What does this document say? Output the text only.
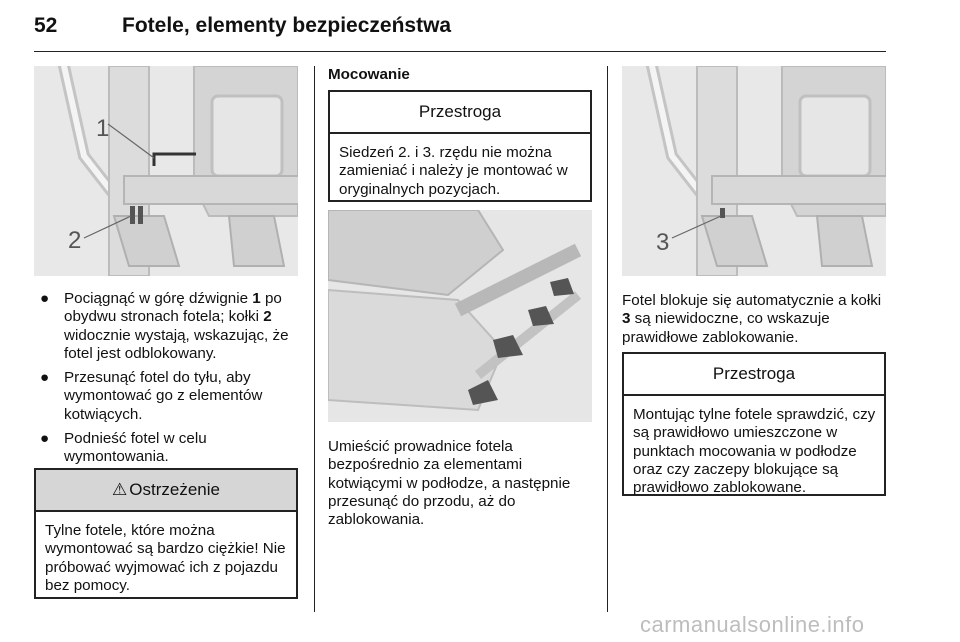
52	Fotele, elementy bezpieczeństwa
1
2
● Pociągnąć w górę dźwignie 1 po obydwu stronach fotela; kołki 2 widocznie wystają, wskazując, że fotel jest odblokowany.
● Przesunąć fotel do tyłu, aby wymontować go z elementów kotwiących.
● Podnieść fotel w celu wymontowania.
⚠ Ostrzeżenie
Tylne fotele, które można wymontować są bardzo ciężkie! Nie próbować wyjmować ich z pojazdu bez pomocy.
Mocowanie
Przestroga
Siedzeń 2. i 3. rzędu nie można zamieniać i należy je montować w oryginalnych pozycjach.
Umieścić prowadnice fotela bezpośrednio za elementami kotwiącymi w podłodze, a następnie przesunąć do przodu, aż do zablokowania.
3
Fotel blokuje się automatycznie a kołki 3 są niewidoczne, co wskazuje prawidłowe zablokowanie.
Przestroga
Montując tylne fotele sprawdzić, czy są prawidłowo umieszczone w punktach mocowania w podłodze oraz czy zaczepy blokujące są prawidłowo zablokowane.
carmanualsonline.info
